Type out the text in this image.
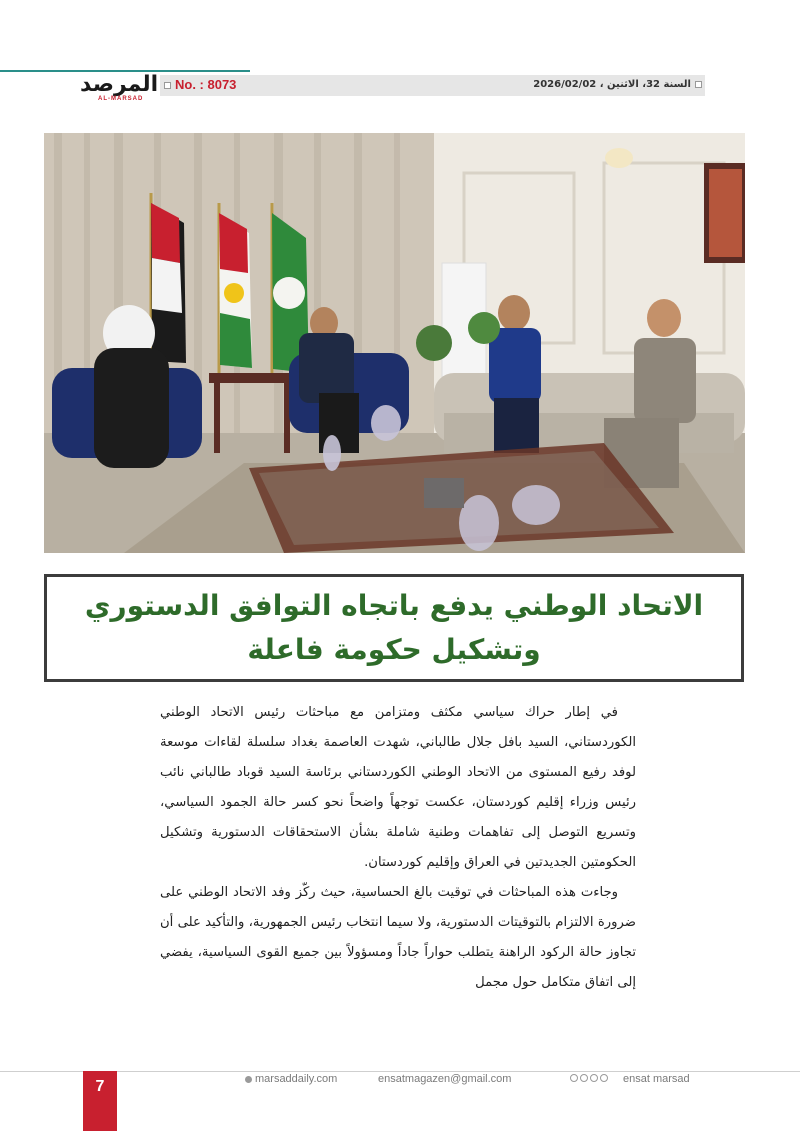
المرصد
AL-MARSAD
No. : 8073	السنة 32، الاثنين ، 2026/02/02
الاتحاد الوطني يدفع باتجاه التوافق الدستوري
وتشكيل حكومة فاعلة

في إطار حراك سياسي مكثف ومتزامن مع مباحثات رئيس الاتحاد الوطني الكوردستاني، السيد بافل جلال طالباني، شهدت العاصمة بغداد سلسلة لقاءات موسعة لوفد رفيع المستوى من الاتحاد الوطني الكوردستاني برئاسة السيد قوباد طالباني نائب رئيس وزراء إقليم كوردستان، عكست توجهاً واضحاً نحو كسر حالة الجمود السياسي، وتسريع التوصل إلى تفاهمات وطنية شاملة بشأن الاستحقاقات الدستورية وتشكيل الحكومتين الجديدتين في العراق وإقليم كوردستان.

وجاءت هذه المباحثات في توقيت بالغ الحساسية، حيث ركّز وفد الاتحاد الوطني على ضرورة الالتزام بالتوقيتات الدستورية، ولا سيما انتخاب رئيس الجمهورية، والتأكيد على أن تجاوز حالة الركود الراهنة يتطلب حواراً جاداً ومسؤولاً بين جميع القوى السياسية، يفضي إلى اتفاق متكامل حول مجمل

7	marsaddaily.com	ensatmagazen@gmail.com	ensat marsad
